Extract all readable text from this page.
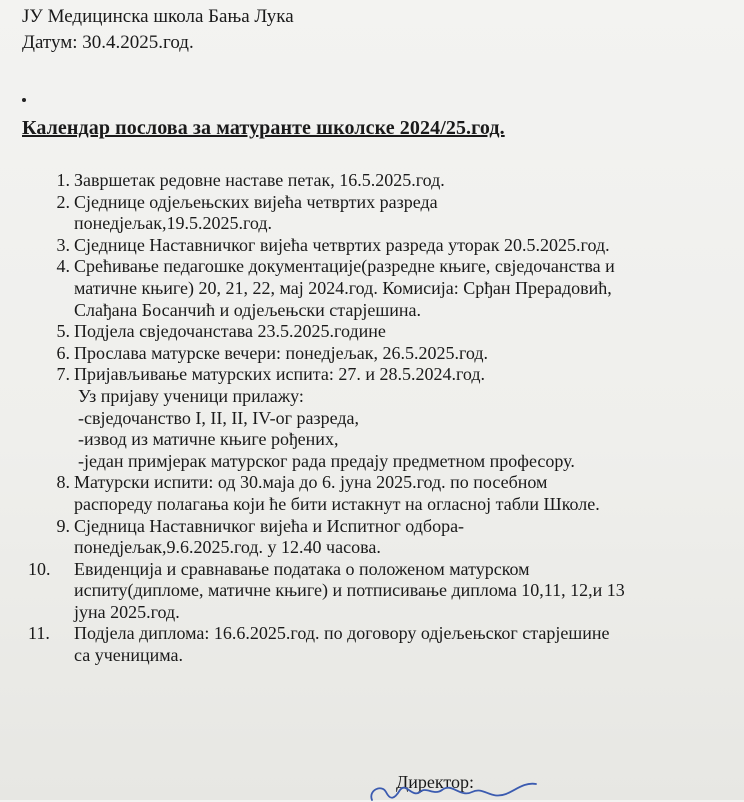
ЈУ Медицинска школа Бања Лука
Датум: 30.4.2025.год.
Календар послова за матуранте школске 2024/25.год.
1. Завршетак редовне наставе петак, 16.5.2025.год.
2. Сједнице одјељењских вијећа четвртих разреда
понедјељак,19.5.2025.год.
3. Сједнице Наставничког вијећа четвртих разреда уторак 20.5.2025.год.
4. Срећивање педагошке документације(разредне књиге, свједочанства и
матичне књиге) 20, 21, 22, мај 2024.год. Комисија: Срђан Прерадовић,
Слађана Босанчић и одјељењски старјешина.
5. Подјела свједочанстава 23.5.2025.године
6. Прослава матурске вечери: понедјељак, 26.5.2025.год.
7. Пријављивање матурских испита: 27. и 28.5.2024.год.
Уз пријаву ученици прилажу:
-свједочанство I, II, II, IV-ог разреда,
-извод из матичне књиге рођених,
-један примјерак матурског рада предају предметном професору.
8. Матурски испити: од 30.маја до 6. јуна 2025.год. по посебном
распореду полагања који ће бити истакнут на огласној табли Школе.
9. Сједница Наставничког вијећа и Испитног одбора-
понедјељак,9.6.2025.год. у 12.40 часова.
10.	Евиденција и сравнавање података о положеном матурском
испиту(дипломе, матичне књиге) и потписивање диплома 10,11, 12,и 13
јуна 2025.год.
11.	Подјела диплома: 16.6.2025.год. по договору одјељењског старјешине
са ученицима.
Директор:
